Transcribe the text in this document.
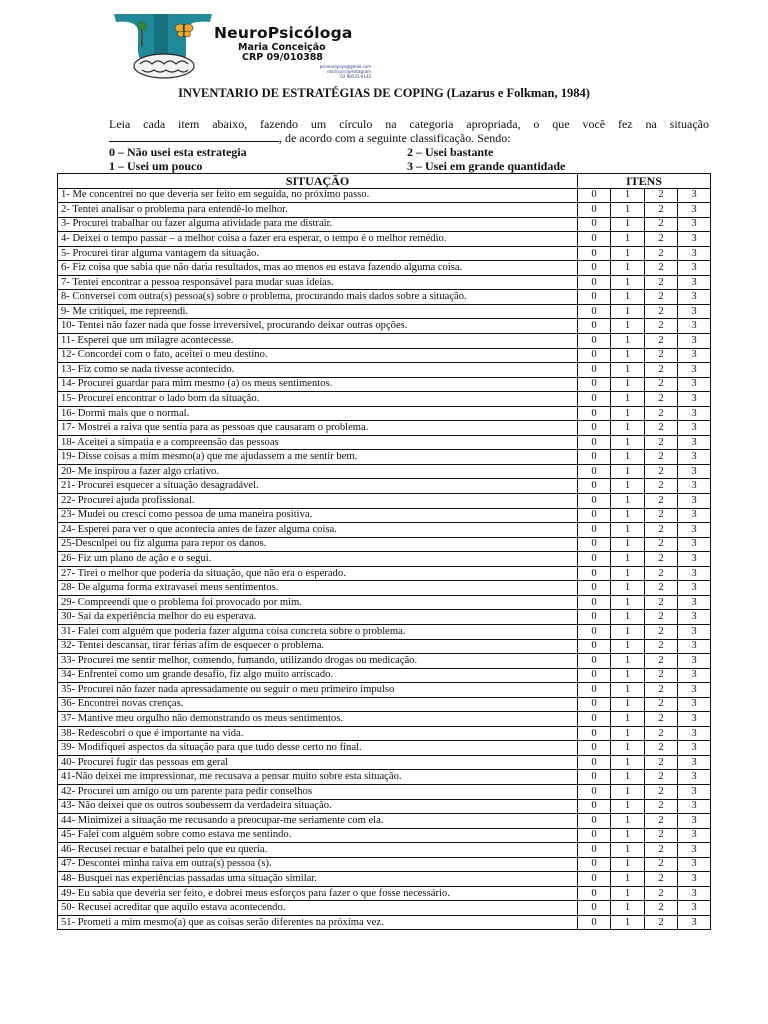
NeuroPsicóloga
Maria Conceição
CRP 09/010388
psineuropsys@gmail.com
mariiconc@instagram
62 98135-6142
INVENTARIO DE ESTRATÉGIAS DE COPING (Lazarus e Folkman, 1984)
Leia cada item abaixo, fazendo um círculo na categoria apropriada, o que você fez na situação , de acordo com a seguinte classificação. Sendo:
0 – Não usei esta estrategia
1 – Usei um pouco
2 – Usei bastante
3 – Usei em grande quantidade
SITUAÇÃO	ITENS			
1- Me concentrei no que deveria ser feito em seguida, no próximo passo.	0	1	2	3
2- Tentei analisar o problema para entendê-lo melhor.	0	1	2	3
3- Procurei trabalhar ou fazer alguma atividade para me distrair.	0	1	2	3
4- Deixei o tempo passar – a melhor coisa a fazer era esperar, o tempo é o melhor remédio.	0	1	2	3
5- Procurei tirar alguma vantagem da situação.	0	1	2	3
6- Fiz coisa que sabia que não daria resultados, mas ao menos eu estava fazendo alguma coisa.	0	1	2	3
7- Tentei encontrar a pessoa responsável para mudar suas ideias.	0	1	2	3
8- Conversei com outra(s) pessoa(s) sobre o problema, procurando mais dados sobre a situação.	0	1	2	3
9- Me critiquei, me repreendi.	0	1	2	3
10- Tentei não fazer nada que fosse irreversível, procurando deixar outras opções.	0	1	2	3
11- Esperei que um milagre acontecesse.	0	1	2	3
12- Concordei com o fato, aceitei o meu destino.	0	1	2	3
13- Fiz como se nada tivesse acontecido.	0	1	2	3
14- Procurei guardar para mim mesmo (a) os meus sentimentos.	0	1	2	3
15- Procurei encontrar o lado bom da situação.	0	1	2	3
16- Dormi mais que o normal.	0	1	2	3
17- Mostrei a raiva que sentia para as pessoas que causaram o problema.	0	1	2	3
18- Aceitei a simpatia e a compreensão das pessoas	0	1	2	3
19- Disse coisas a mim mesmo(a) que me ajudassem a me sentir bem.	0	1	2	3
20- Me inspirou a fazer algo criativo.	0	1	2	3
21- Procurei esquecer a situação desagradável.	0	1	2	3
22- Procurei ajuda profissional.	0	1	2	3
23- Mudei ou cresci como pessoa de uma maneira positiva.	0	1	2	3
24- Esperei para ver o que acontecia antes de fazer alguma coisa.	0	1	2	3
25-Desculpei ou fiz alguma para repor os danos.	0	1	2	3
26- Fiz um plano de ação e o segui.	0	1	2	3
27- Tirei o melhor que poderia da situação, que não era o esperado.	0	1	2	3
28- De alguma forma extravasei meus sentimentos.	0	1	2	3
29- Compreendi que o problema foi provocado por mim.	0	1	2	3
30- Saí da experiência melhor do eu esperava.	0	1	2	3
31- Falei com alguém que poderia fazer alguma coisa concreta sobre o problema.	0	1	2	3
32- Tentei descansar, tirar férias afim de esquecer o problema.	0	1	2	3
33- Procurei me sentir melhor, comendo, fumando, utilizando drogas ou medicação.	0	1	2	3
34- Enfrentei como um grande desafio, fiz algo muito arriscado.	0	1	2	3
35- Procurei não fazer nada apressadamente ou seguir o meu primeiro impulso	0	1	2	3
36- Encontrei novas crenças.	0	1	2	3
37- Mantive meu orgulho não demonstrando os meus sentimentos.	0	1	2	3
38- Redescobri o que é importante na vida.	0	1	2	3
39- Modifiquei aspectos da situação para que tudo desse certo no final.	0	1	2	3
40- Procurei fugir das pessoas em geral	0	1	2	3
41-Não deixei me impressionar, me recusava a pensar muito sobre esta situação.	0	1	2	3
42- Procurei um amigo ou um parente para pedir conselhos	0	1	2	3
43- Não deixei que os outros soubessem da verdadeira situação.	0	1	2	3
44- Minimizei a situação me recusando a preocupar-me seriamente com ela.	0	1	2	3
45- Falei com alguém sobre como estava me sentindo.	0	1	2	3
46- Recusei recuar e batalhei pelo que eu queria.	0	1	2	3
47- Descontei minha raiva em outra(s) pessoa (s).	0	1	2	3
48- Busquei nas experiências passadas uma situação similar.	0	1	2	3
49- Eu sabia que deveria ser feito, e dobrei meus esforços para fazer o que fosse necessário.	0	1	2	3
50- Recusei acreditar que aquilo estava acontecendo.	0	1	2	3
51- Prometi a mim mesmo(a) que as coisas serão diferentes na próxima vez.	0	1	2	3
